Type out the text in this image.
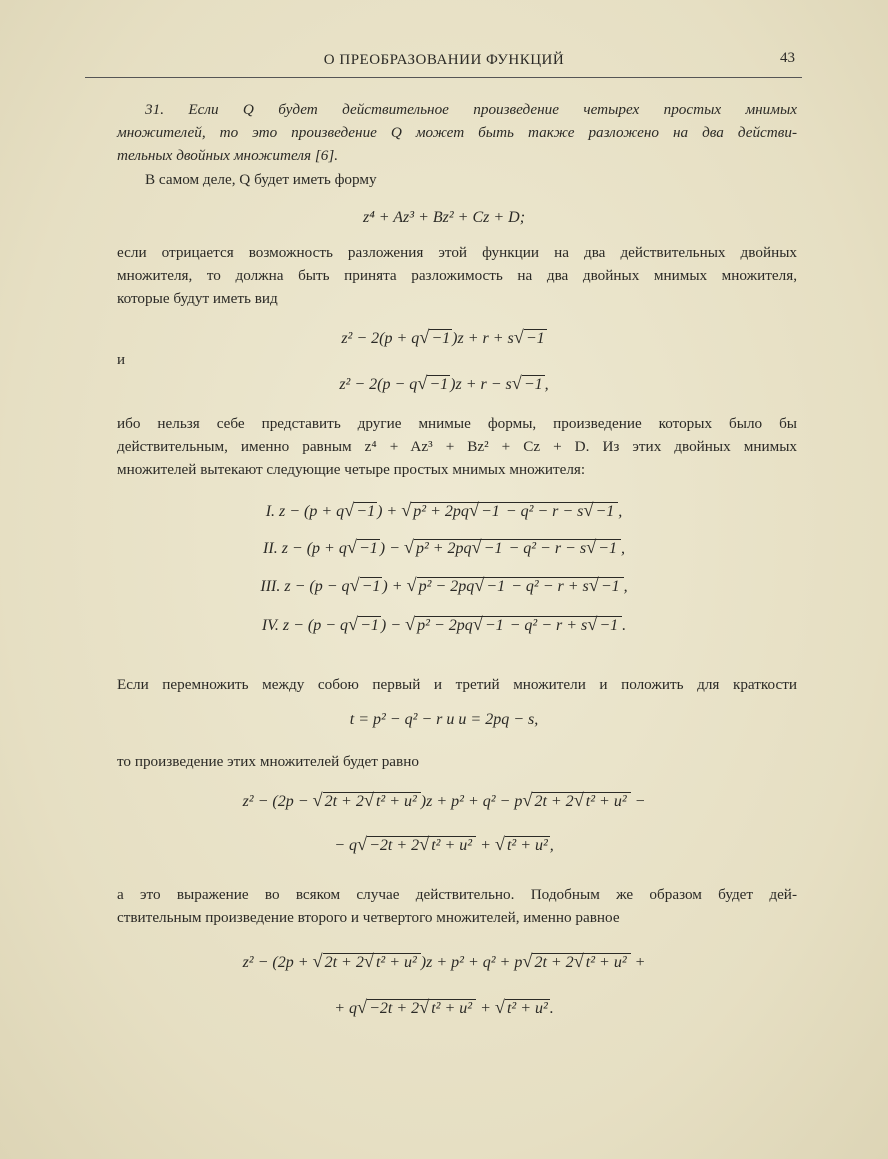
О ПРЕОБРАЗОВАНИИ ФУНКЦИЙ	43
31. Если Q будет действительное произведение четырех простых мнимых
множителей, то это произведение Q может быть также разложено на два действи-
тельных двойных множителя [6].
В самом деле, Q будет иметь форму
z⁴ + Az³ + Bz² + Cz + D;
если отрицается возможность разложения этой функции на два действительных двойных
множителя, то должна быть принята разложимость на два двойных мнимых множителя,
которые будут иметь вид
z² − 2(p + q√ −1 )z + r + s√ −1
и
z² − 2(p − q√ −1 )z + r − s√ −1 ,
ибо нельзя себе представить другие мнимые формы, произведение которых было бы
действительным, именно равным z⁴ + Az³ + Bz² + Cz + D. Из этих двойных мнимых
множителей вытекают следующие четыре простых мнимых множителя:
I. z − (p + q√ −1 ) + √ p² + 2pq√ −1 − q² − r − s√ −1 ,
II. z − (p + q√ −1 ) − √ p² + 2pq√ −1 − q² − r − s√ −1 ,
III. z − (p − q√ −1 ) + √ p² − 2pq√ −1 − q² − r + s√ −1 ,
IV. z − (p − q√ −1 ) − √ p² − 2pq√ −1 − q² − r + s√ −1 .
Если перемножить между собою первый и третий множители и положить для краткости
t = p² − q² − r и u = 2pq − s,
то произведение этих множителей будет равно
z² − (2p − √ 2t + 2√ t² + u² )z + p² + q² − p√ 2t + 2√ t² + u² −
− q√ −2t + 2√ t² + u² + √ t² + u² ,
а это выражение во всяком случае действительно. Подобным же образом будет дей-
ствительным произведение второго и четвертого множителей, именно равное
z² − (2p + √ 2t + 2√ t² + u² )z + p² + q² + p√ 2t + 2√ t² + u² +
+ q√ −2t + 2√ t² + u² + √ t² + u² .
